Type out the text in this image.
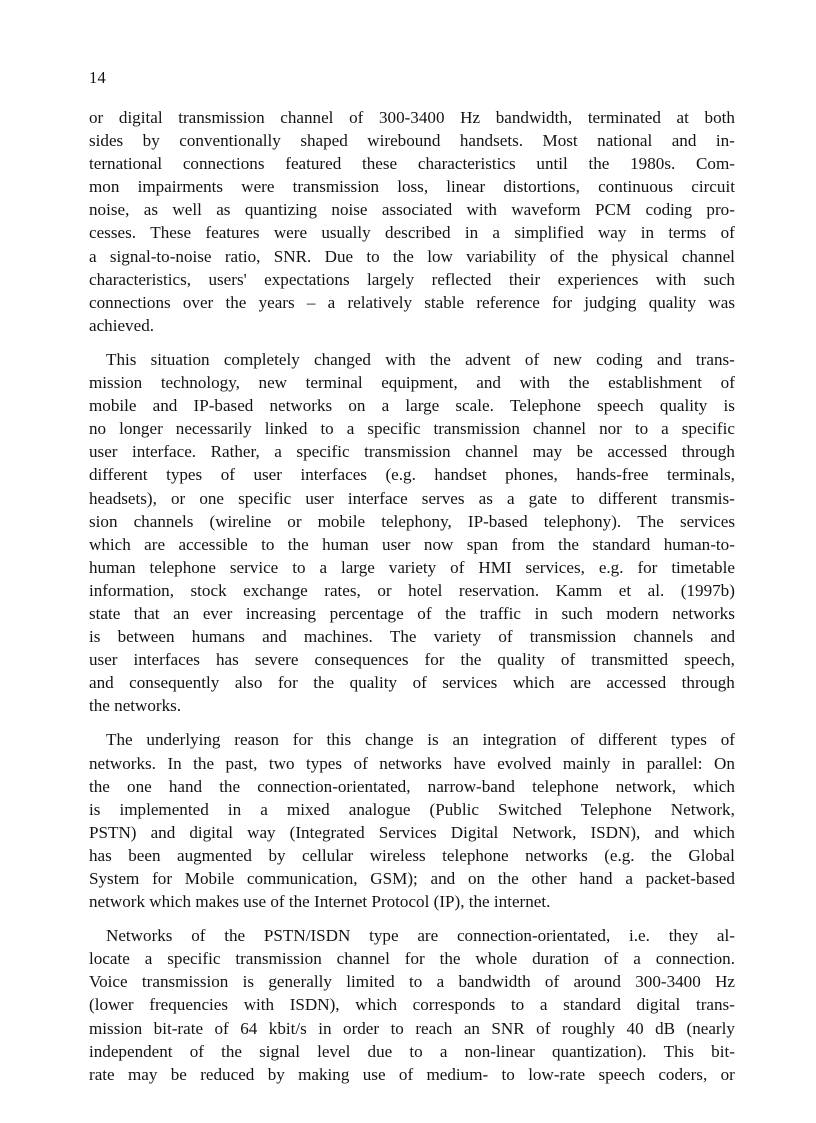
14
or digital transmission channel of 300-3400 Hz bandwidth, terminated at both
sides by conventionally shaped wirebound handsets. Most national and in-
ternational connections featured these characteristics until the 1980s. Com-
mon impairments were transmission loss, linear distortions, continuous circuit
noise, as well as quantizing noise associated with waveform PCM coding pro-
cesses. These features were usually described in a simplified way in terms of
a signal-to-noise ratio, SNR. Due to the low variability of the physical channel
characteristics, users' expectations largely reflected their experiences with such
connections over the years – a relatively stable reference for judging quality was
achieved.
This situation completely changed with the advent of new coding and trans-
mission technology, new terminal equipment, and with the establishment of
mobile and IP-based networks on a large scale. Telephone speech quality is
no longer necessarily linked to a specific transmission channel nor to a specific
user interface. Rather, a specific transmission channel may be accessed through
different types of user interfaces (e.g. handset phones, hands-free terminals,
headsets), or one specific user interface serves as a gate to different transmis-
sion channels (wireline or mobile telephony, IP-based telephony). The services
which are accessible to the human user now span from the standard human-to-
human telephone service to a large variety of HMI services, e.g. for timetable
information, stock exchange rates, or hotel reservation. Kamm et al. (1997b)
state that an ever increasing percentage of the traffic in such modern networks
is between humans and machines. The variety of transmission channels and
user interfaces has severe consequences for the quality of transmitted speech,
and consequently also for the quality of services which are accessed through
the networks.
The underlying reason for this change is an integration of different types of
networks. In the past, two types of networks have evolved mainly in parallel: On
the one hand the connection-orientated, narrow-band telephone network, which
is implemented in a mixed analogue (Public Switched Telephone Network,
PSTN) and digital way (Integrated Services Digital Network, ISDN), and which
has been augmented by cellular wireless telephone networks (e.g. the Global
System for Mobile communication, GSM); and on the other hand a packet-based
network which makes use of the Internet Protocol (IP), the internet.
Networks of the PSTN/ISDN type are connection-orientated, i.e. they al-
locate a specific transmission channel for the whole duration of a connection.
Voice transmission is generally limited to a bandwidth of around 300-3400 Hz
(lower frequencies with ISDN), which corresponds to a standard digital trans-
mission bit-rate of 64 kbit/s in order to reach an SNR of roughly 40 dB (nearly
independent of the signal level due to a non-linear quantization). This bit-
rate may be reduced by making use of medium- to low-rate speech coders, or
